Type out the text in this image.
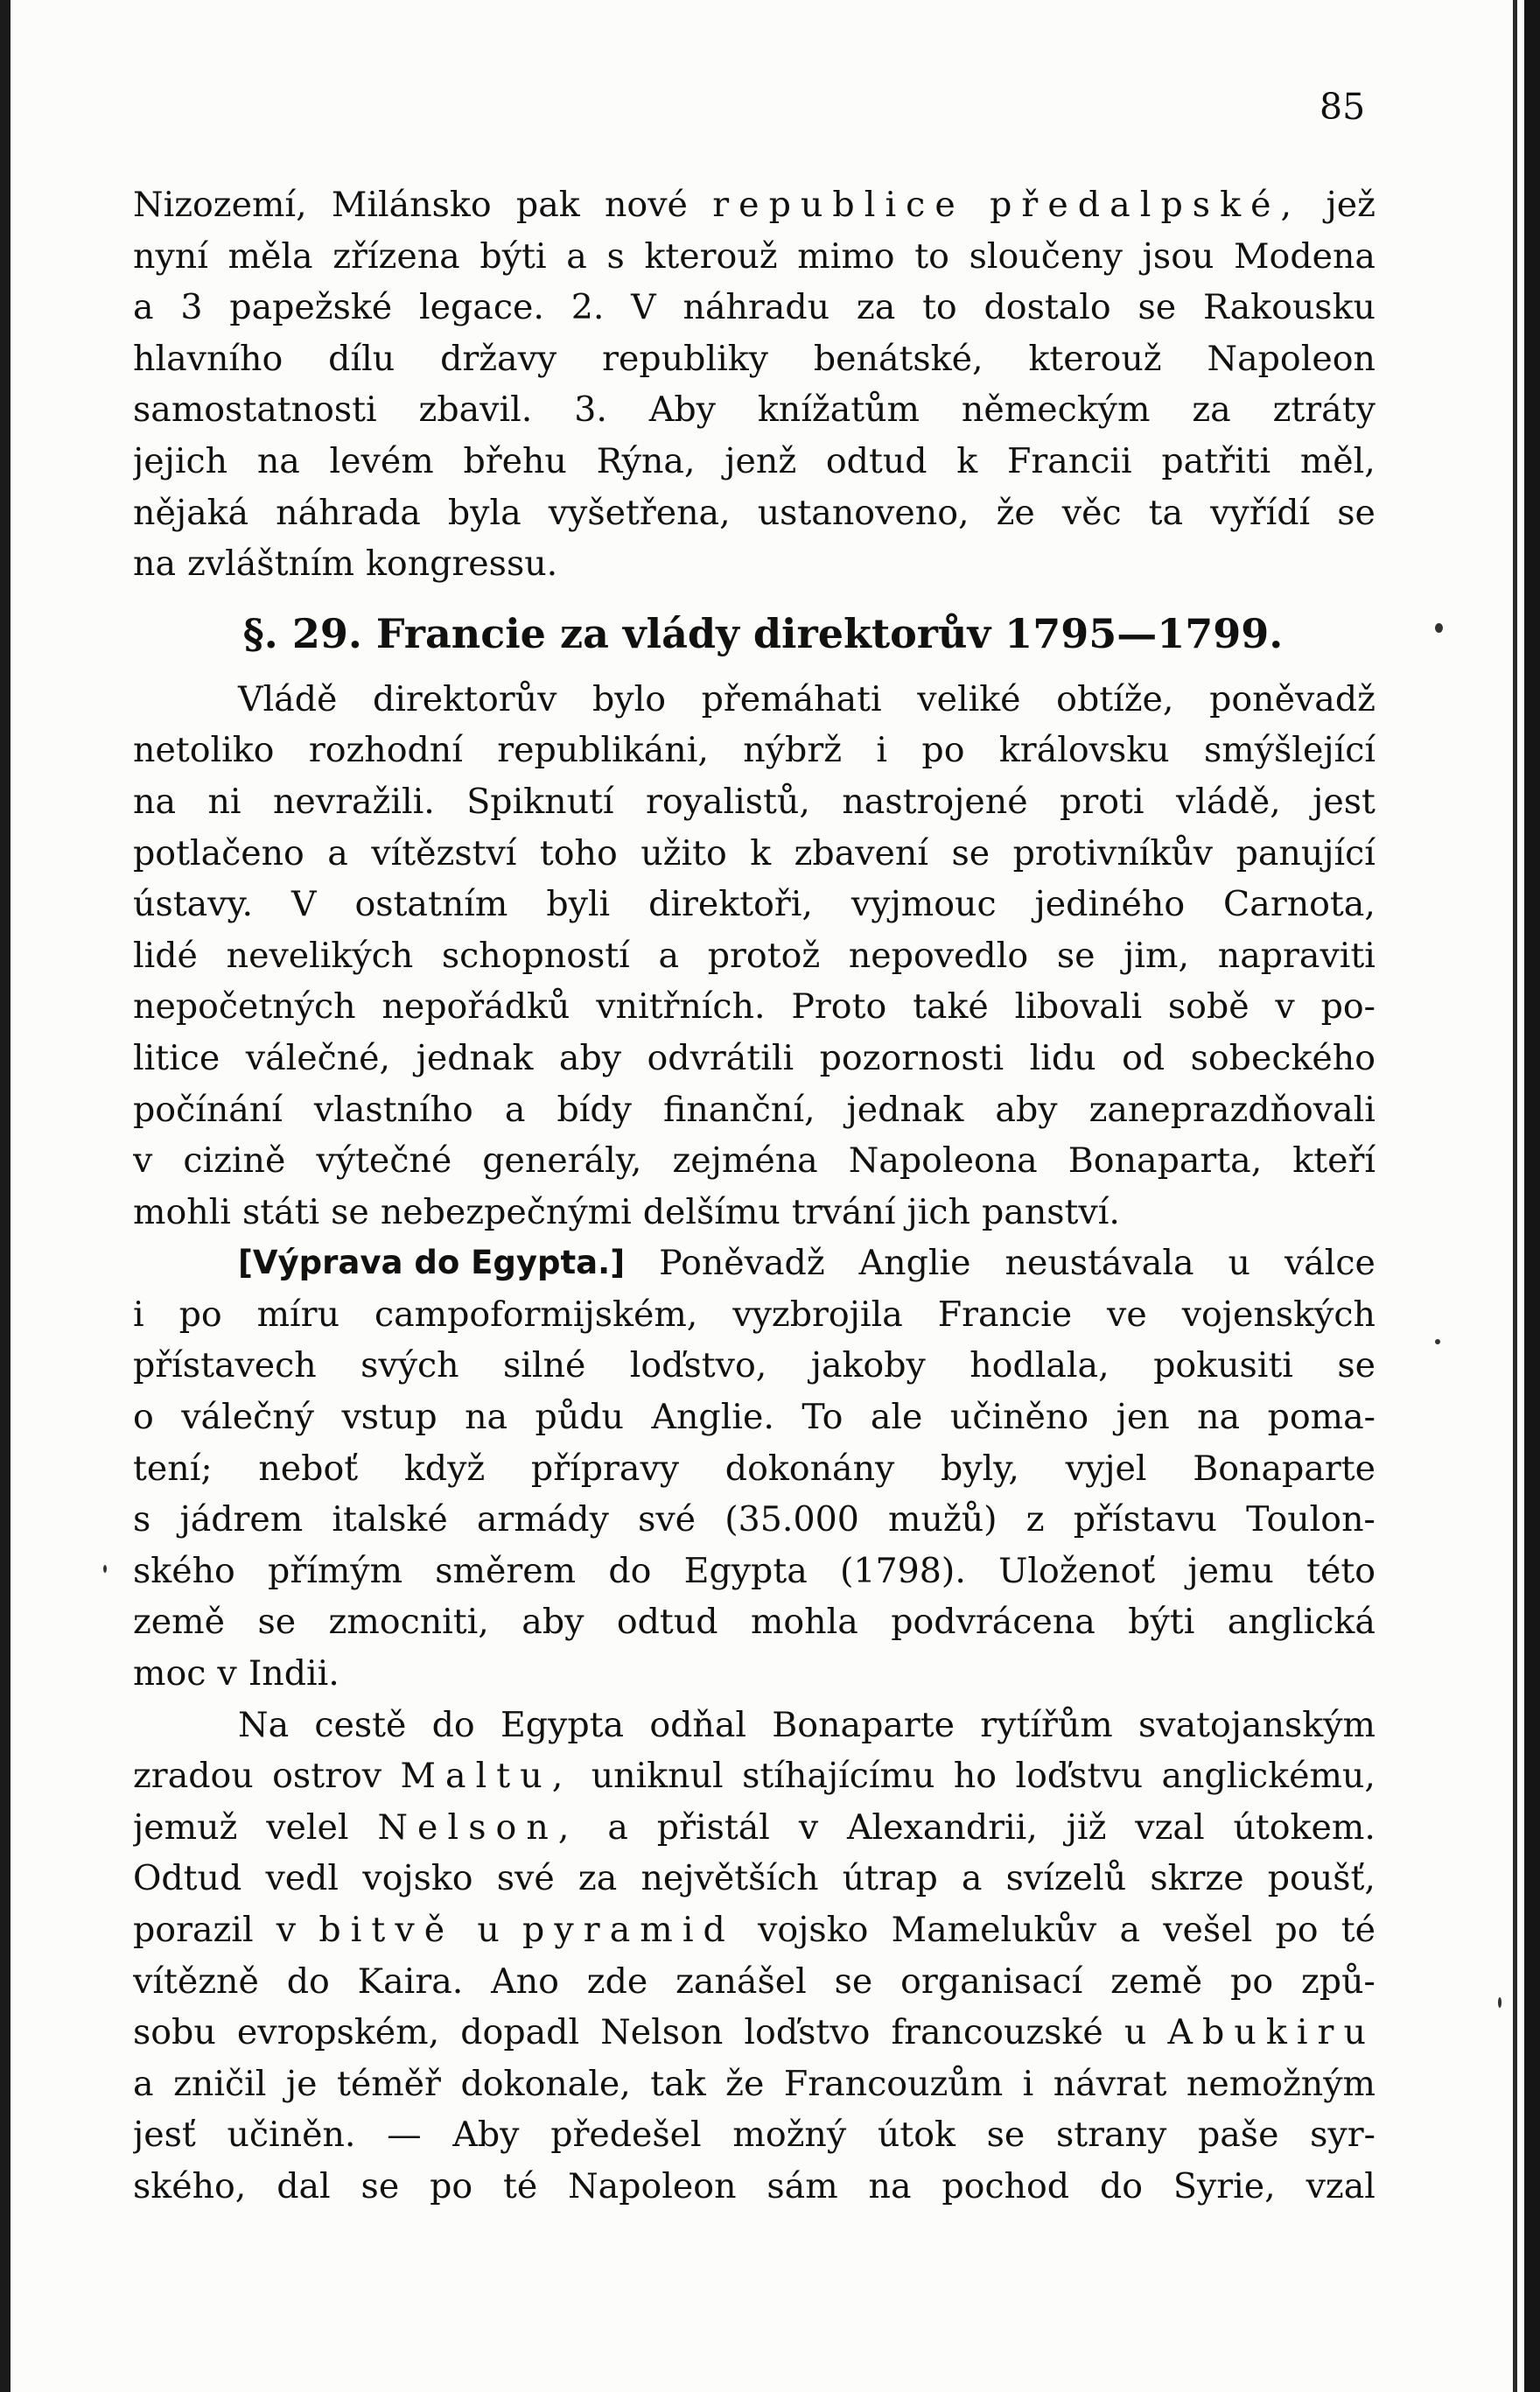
85
Nizozemí, Milánsko pak nové republice předalpské, jež
nyní měla zřízena býti a s kterouž mimo to sloučeny jsou Modena
a 3 papežské legace. 2. V náhradu za to dostalo se Rakousku
hlavního dílu državy republiky benátské, kterouž Napoleon
samostatnosti zbavil. 3. Aby knížatům německým za ztráty
jejich na levém břehu Rýna, jenž odtud k Francii patřiti měl,
nějaká náhrada byla vyšetřena, ustanoveno, že věc ta vyřídí se
na zvláštním kongressu.
§. 29. Francie za vlády direktorův 1795—1799.
Vládě direktorův bylo přemáhati veliké obtíže, poněvadž
netoliko rozhodní republikáni, nýbrž i po královsku smýšlející
na ni nevražili. Spiknutí royalistů, nastrojené proti vládě, jest
potlačeno a vítězství toho užito k zbavení se protivníkův panující
ústavy. V ostatním byli direktoři, vyjmouc jediného Carnota,
lidé nevelikých schopností a protož nepovedlo se jim, napraviti
nepočetných nepořádků vnitřních. Proto také libovali sobě v po-
litice válečné, jednak aby odvrátili pozornosti lidu od sobeckého
počínání vlastního a bídy finanční, jednak aby zaneprazdňovali
v cizině výtečné generály, zejména Napoleona Bonaparta, kteří
mohli státi se nebezpečnými delšímu trvání jich panství.
[Výprava do Egypta.] Poněvadž Anglie neustávala u válce
i po míru campoformijském, vyzbrojila Francie ve vojenských
přístavech svých silné loďstvo, jakoby hodlala, pokusiti se
o válečný vstup na půdu Anglie. To ale učiněno jen na poma-
tení; neboť když přípravy dokonány byly, vyjel Bonaparte
s jádrem italské armády své (35.000 mužů) z přístavu Toulon-
ského přímým směrem do Egypta (1798). Uloženoť jemu této
země se zmocniti, aby odtud mohla podvrácena býti anglická
moc v Indii.
Na cestě do Egypta odňal Bonaparte rytířům svatojanským
zradou ostrov Maltu, uniknul stíhajícímu ho loďstvu anglickému,
jemuž velel Nelson, a přistál v Alexandrii, již vzal útokem.
Odtud vedl vojsko své za největších útrap a svízelů skrze poušť,
porazil v bitvě u pyramid vojsko Mamelukův a vešel po té
vítězně do Kaira. Ano zde zanášel se organisací země po způ-
sobu evropském, dopadl Nelson loďstvo francouzské u Abukiru
a zničil je téměř dokonale, tak že Francouzům i návrat nemožným
jesť učiněn. — Aby předešel možný útok se strany paše syr-
ského, dal se po té Napoleon sám na pochod do Syrie, vzal
